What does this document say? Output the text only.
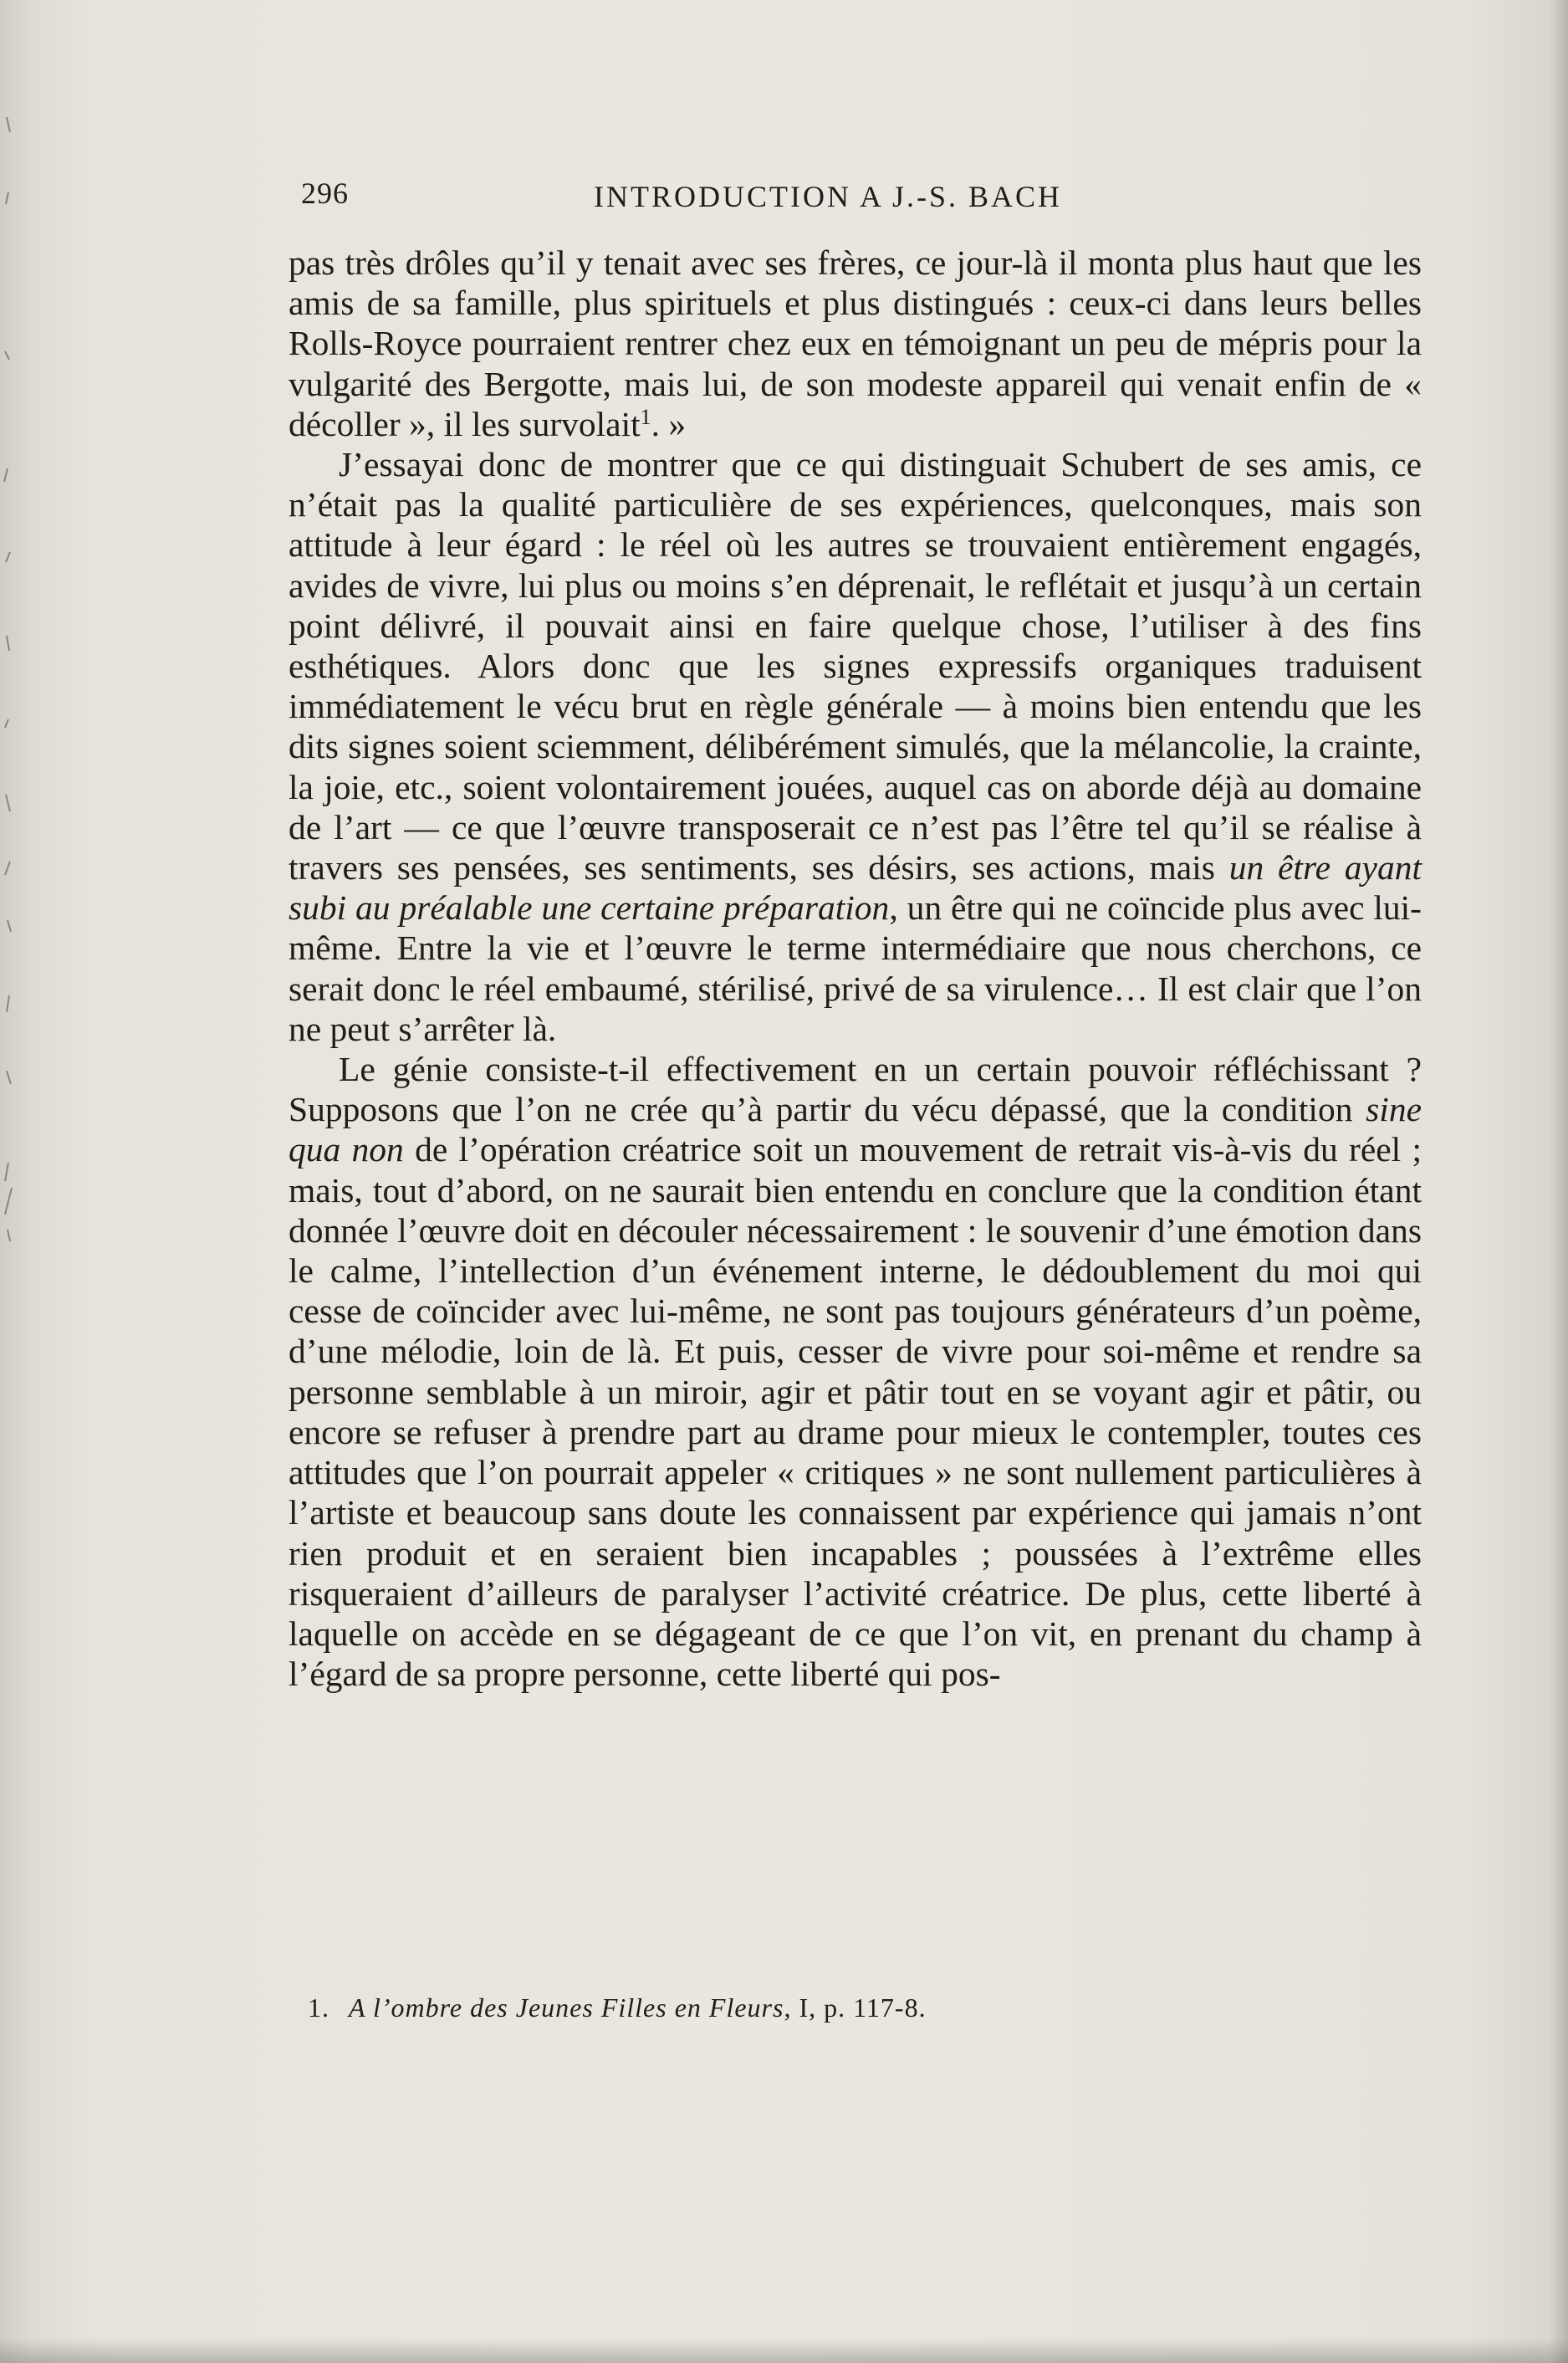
296	INTRODUCTION A J.-S. BACH

pas très drôles qu’il y tenait avec ses frères, ce jour-là il monta plus haut que les amis de sa famille, plus spirituels et plus distingués : ceux-ci dans leurs belles Rolls-Royce pourraient rentrer chez eux en témoignant un peu de mépris pour la vulgarité des Bergotte, mais lui, de son modeste appareil qui venait enfin de « décoller », il les survolait$^1$. »

J’essayai donc de montrer que ce qui distinguait Schubert de ses amis, ce n’était pas la qualité particulière de ses expériences, quelconques, mais son attitude à leur égard : le réel où les autres se trouvaient entièrement engagés, avides de vivre, lui plus ou moins s’en déprenait, le reflétait et jusqu’à un certain point délivré, il pouvait ainsi en faire quelque chose, l’utiliser à des fins esthétiques. Alors donc que les signes expressifs organiques traduisent immédiatement le vécu brut en règle générale — à moins bien entendu que les dits signes soient sciemment, délibérément simulés, que la mélancolie, la crainte, la joie, etc., soient volontairement jouées, auquel cas on aborde déjà au domaine de l’art — ce que l’œuvre transposerait ce n’est pas l’être tel qu’il se réalise à travers ses pensées, ses sentiments, ses désirs, ses actions, mais un être ayant subi au préalable une certaine préparation, un être qui ne coïncide plus avec lui-même. Entre la vie et l’œuvre le terme intermédiaire que nous cherchons, ce serait donc le réel embaumé, stérilisé, privé de sa virulence… Il est clair que l’on ne peut s’arrêter là.

Le génie consiste-t-il effectivement en un certain pouvoir réfléchissant ? Supposons que l’on ne crée qu’à partir du vécu dépassé, que la condition sine qua non de l’opération créatrice soit un mouvement de retrait vis-à-vis du réel ; mais, tout d’abord, on ne saurait bien entendu en conclure que la condition étant donnée l’œuvre doit en découler nécessairement : le souvenir d’une émotion dans le calme, l’intellection d’un événement interne, le dédoublement du moi qui cesse de coïncider avec lui-même, ne sont pas toujours générateurs d’un poème, d’une mélodie, loin de là. Et puis, cesser de vivre pour soi-même et rendre sa personne semblable à un miroir, agir et pâtir tout en se voyant agir et pâtir, ou encore se refuser à prendre part au drame pour mieux le contempler, toutes ces attitudes que l’on pourrait appeler « critiques » ne sont nullement particulières à l’artiste et beaucoup sans doute les connaissent par expérience qui jamais n’ont rien produit et en seraient bien incapables ; poussées à l’extrême elles risqueraient d’ailleurs de paralyser l’activité créatrice. De plus, cette liberté à laquelle on accède en se dégageant de ce que l’on vit, en prenant du champ à l’égard de sa propre personne, cette liberté qui pos-

1. A l’ombre des Jeunes Filles en Fleurs, I, p. 117-8.
